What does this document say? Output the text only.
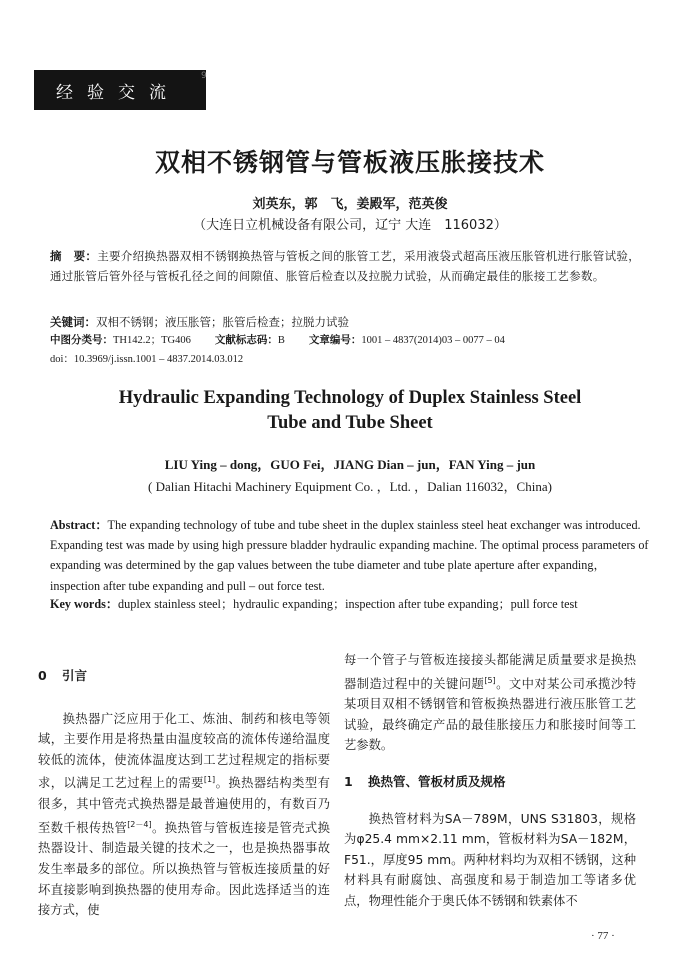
经验交流
9
双相不锈钢管与管板液压胀接技术
刘英东，郭　飞，姜殿军，范英俊
（大连日立机械设备有限公司，辽宁 大连　116032）
摘　要：主要介绍换热器双相不锈钢换热管与管板之间的胀管工艺，采用液袋式超高压液压胀管机进行胀管试验，通过胀管后管外径与管板孔径之间的间隙值、胀管后检查以及拉脱力试验，从而确定最佳的胀接工艺参数。
关键词：双相不锈钢；液压胀管；胀管后检查；拉脱力试验
中图分类号：TH142.2；TG406 文献标志码：B 文章编号：1001 – 4837(2014)03 – 0077 – 04
doi：10.3969/j.issn.1001 – 4837.2014.03.012
Hydraulic Expanding Technology of Duplex Stainless Steel
Tube and Tube Sheet
LIU Ying – dong，GUO Fei，JIANG Dian – jun，FAN Ying – jun
( Dalian Hitachi Machinery Equipment Co. ，Ltd. ，Dalian 116032，China)
Abstract：The expanding technology of tube and tube sheet in the duplex stainless steel heat exchanger was introduced. Expanding test was made by using high pressure bladder hydraulic expanding machine. The optimal process parameters of expanding was determined by the gap values between the tube diameter and tube plate aperture after expanding，inspection after tube expanding and pull – out force test.
Key words：duplex stainless steel；hydraulic expanding；inspection after tube expanding；pull force test
0 引言
换热器广泛应用于化工、炼油、制药和核电等领域，主要作用是将热量由温度较高的流体传递给温度较低的流体，使流体温度达到工艺过程规定的指标要求，以满足工艺过程上的需要[1]。换热器结构类型有很多，其中管壳式换热器是最普遍使用的，有数百乃至数千根传热管[2－4]。换热管与管板连接是管壳式换热器设计、制造最关键的技术之一，也是换热器事故发生率最多的部位。所以换热管与管板连接质量的好坏直接影响到换热器的使用寿命。因此选择适当的连接方式，使
每一个管子与管板连接接头都能满足质量要求是换热器制造过程中的关键问题[5]。文中对某公司承揽沙特某项目双相不锈钢管和管板换热器进行液压胀管工艺试验，最终确定产品的最佳胀接压力和胀接时间等工艺参数。
1 换热管、管板材质及规格
换热管材料为SA－789M，UNS S31803，规格为φ25.4 mm×2.11 mm，管板材料为SA－182M，F51.，厚度95 mm。两种材料均为双相不锈钢，这种材料具有耐腐蚀、高强度和易于制造加工等诸多优点，物理性能介于奥氏体不锈钢和铁素体不
· 77 ·
